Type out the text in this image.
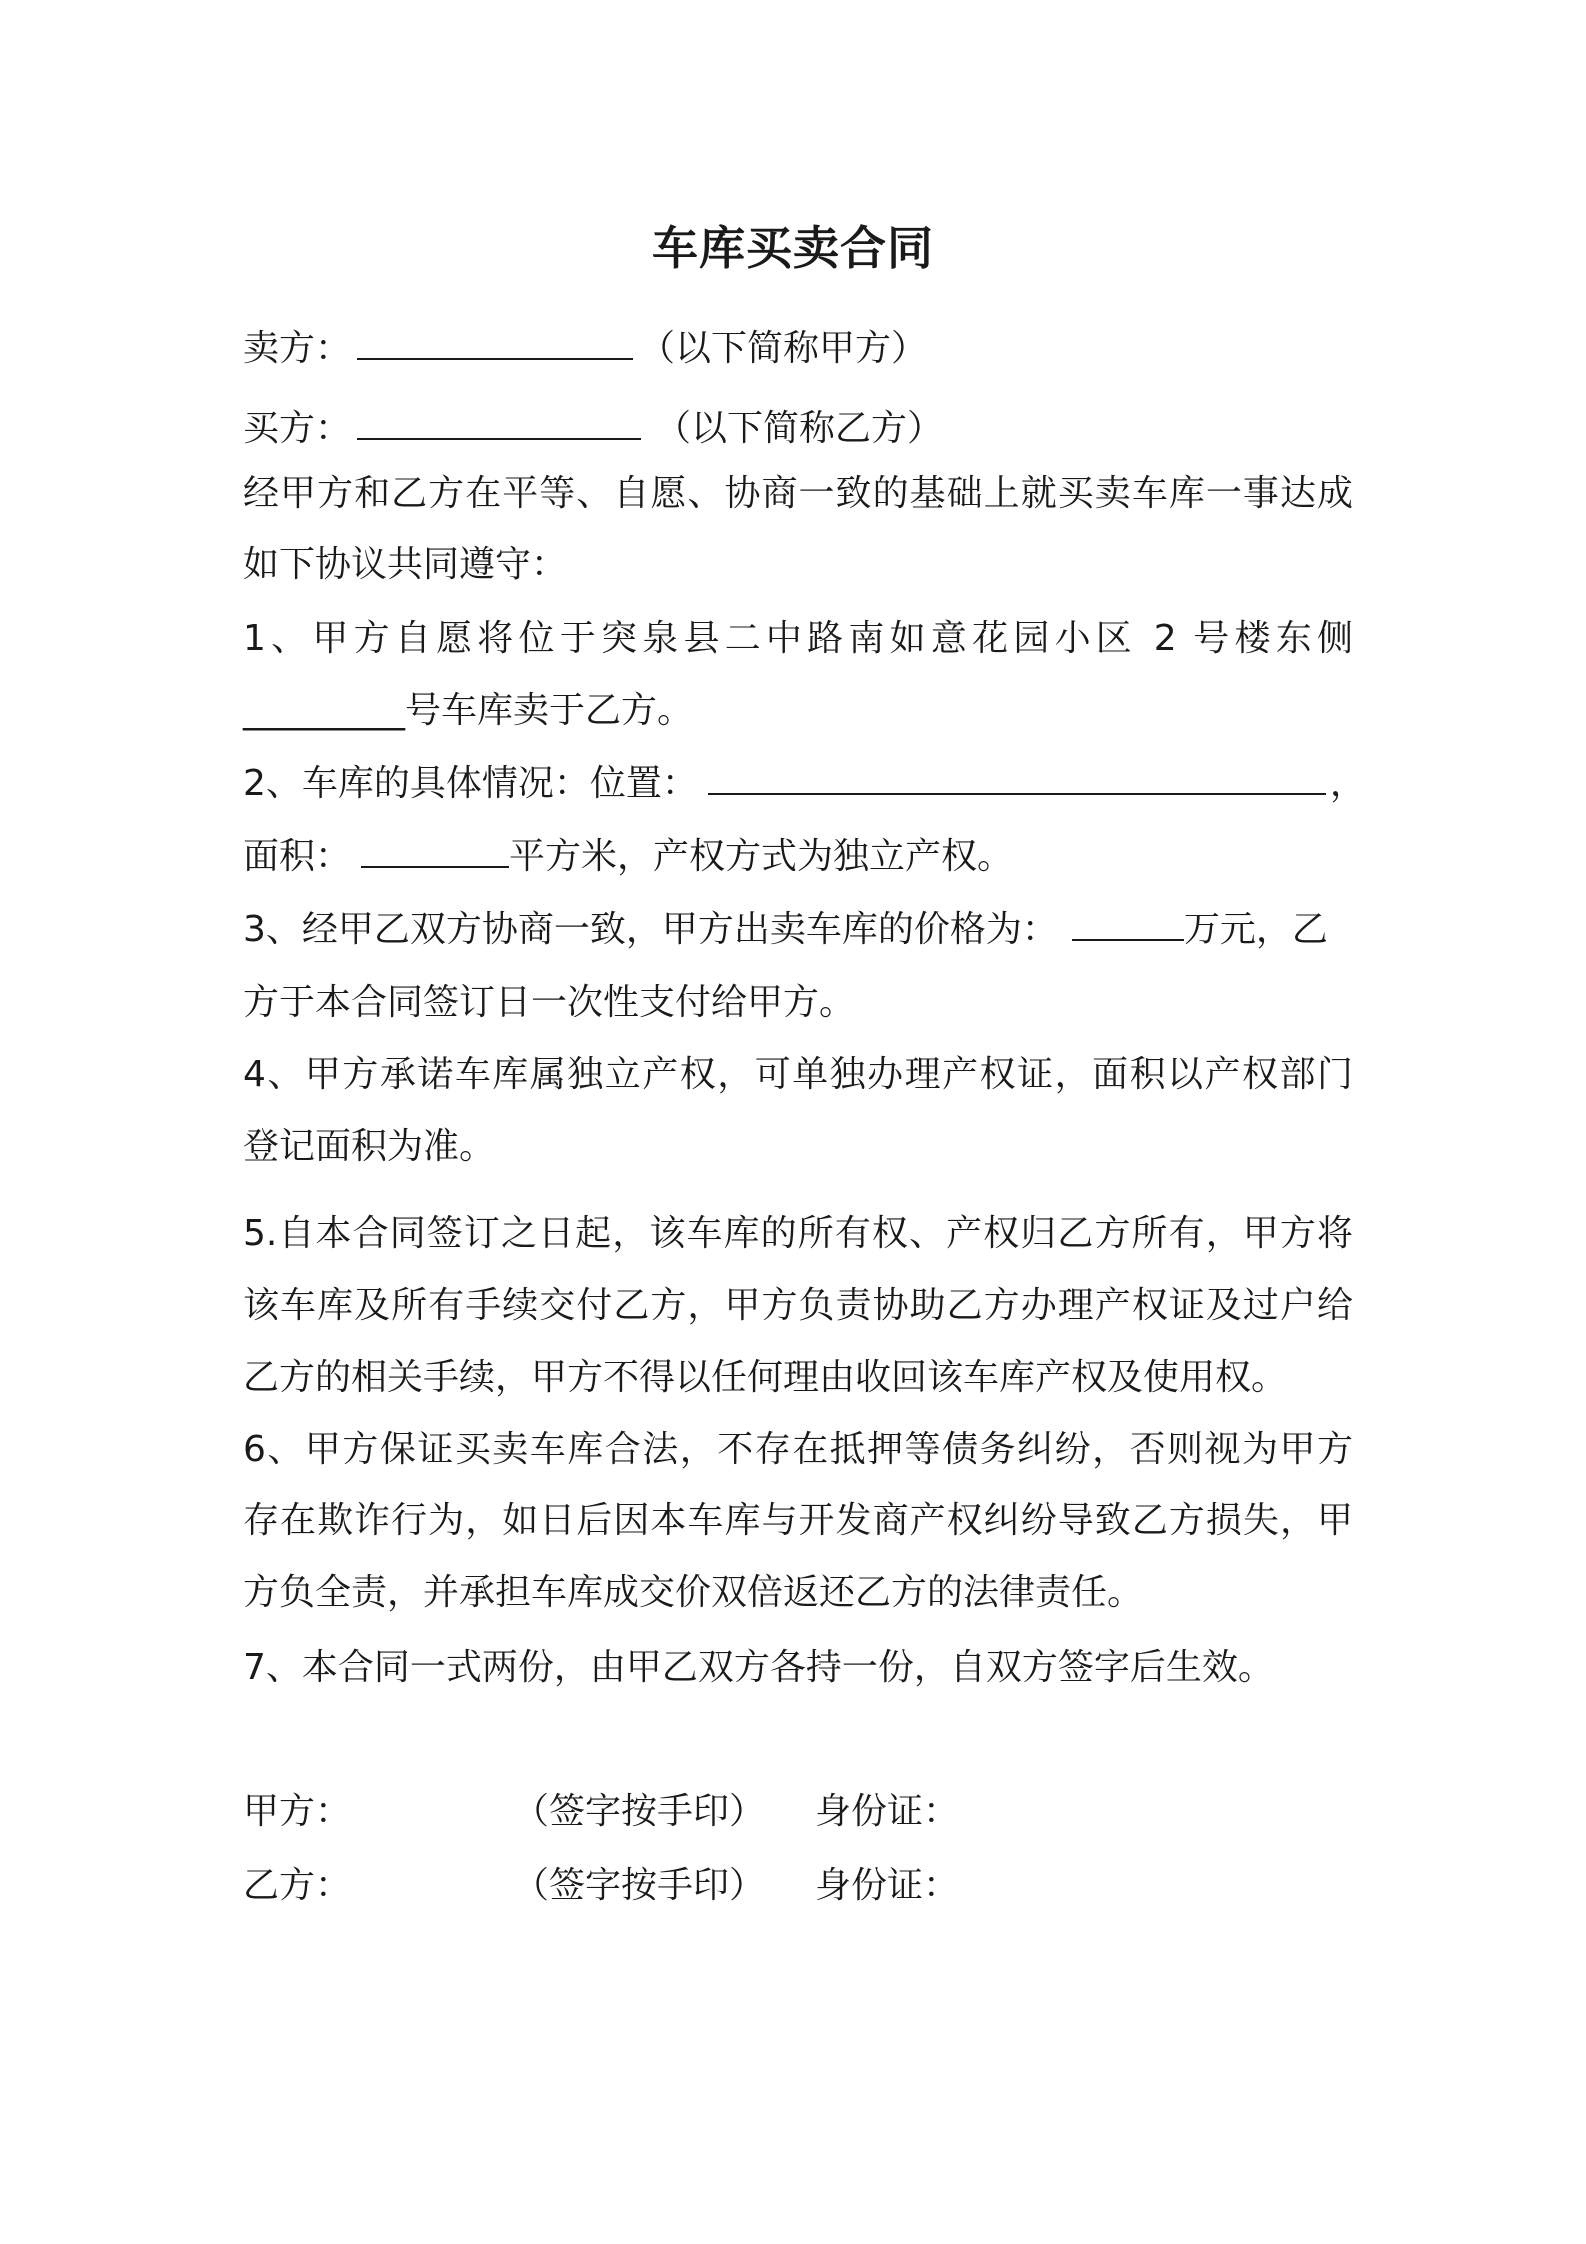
车库买卖合同
卖方：	（以下简称甲方）
买方：	（以下简称乙方）
经甲方和乙方在平等、自愿、协商一致的基础上就买卖车库一事达成
如下协议共同遵守：
1、甲方自愿将位于突泉县二中路南如意花园小区 2 号楼东侧
_________号车库卖于乙方。
2、车库的具体情况：位置：	，
面积：	平方米，产权方式为独立产权。
3、经甲乙双方协商一致，甲方出卖车库的价格为：	万元，乙
方于本合同签订日一次性支付给甲方。
4、甲方承诺车库属独立产权，可单独办理产权证，面积以产权部门
登记面积为准。
5.自本合同签订之日起，该车库的所有权、产权归乙方所有，甲方将
该车库及所有手续交付乙方，甲方负责协助乙方办理产权证及过户给
乙方的相关手续，甲方不得以任何理由收回该车库产权及使用权。
6、甲方保证买卖车库合法，不存在抵押等债务纠纷，否则视为甲方
存在欺诈行为，如日后因本车库与开发商产权纠纷导致乙方损失，甲
方负全责，并承担车库成交价双倍返还乙方的法律责任。
7、本合同一式两份，由甲乙双方各持一份，自双方签字后生效。
甲方：	（签字按手印） 身份证：
乙方：	（签字按手印） 身份证：
